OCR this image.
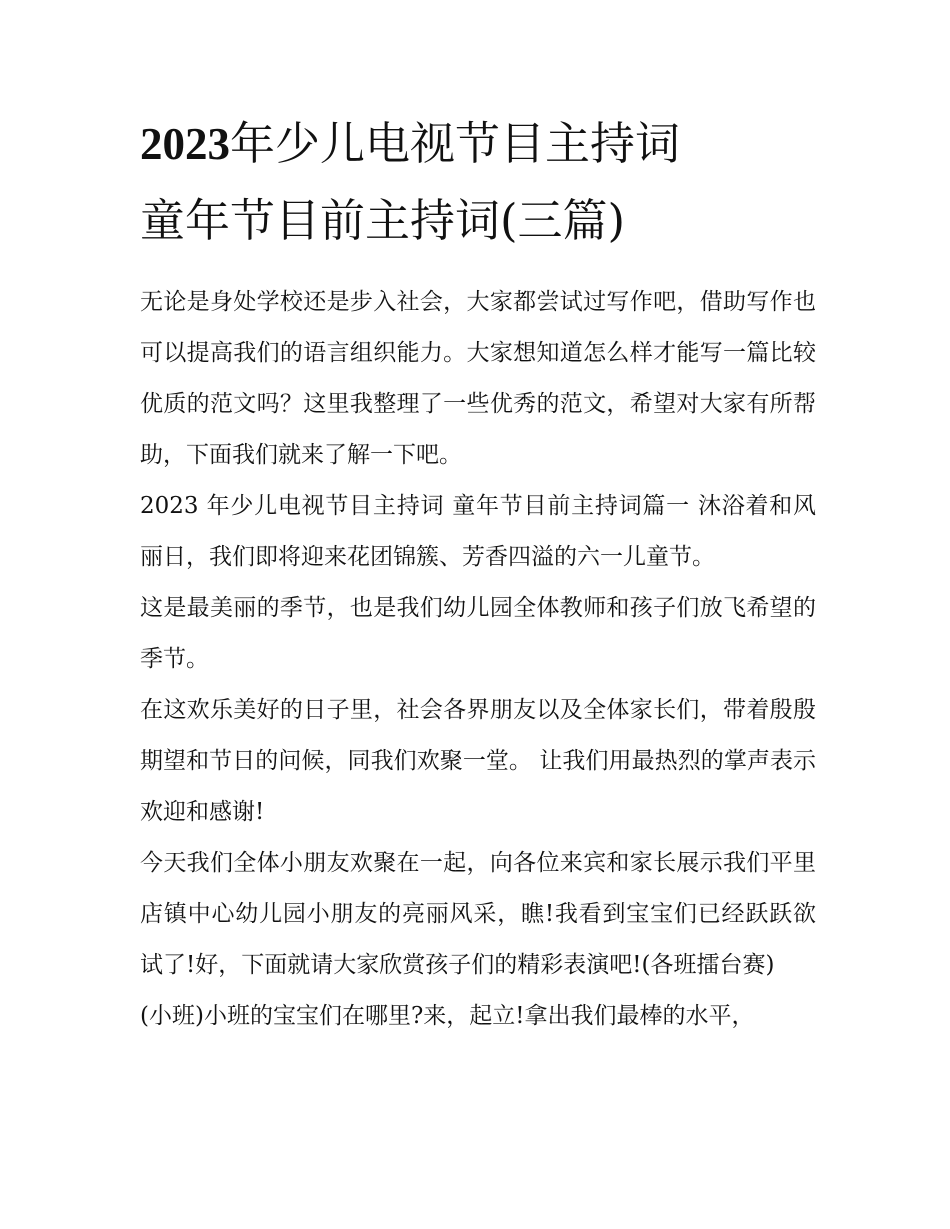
2023年少儿电视节目主持词
童年节目前主持词(三篇)

无论是身处学校还是步入社会，大家都尝试过写作吧，借助写作也可以提高我们的语言组织能力。大家想知道怎么样才能写一篇比较优质的范文吗？这里我整理了一些优秀的范文，希望对大家有所帮助，下面我们就来了解一下吧。

2023 年少儿电视节目主持词 童年节目前主持词篇一 沐浴着和风丽日，我们即将迎来花团锦簇、芳香四溢的六一儿童节。

这是最美丽的季节，也是我们幼儿园全体教师和孩子们放飞希望的季节。

在这欢乐美好的日子里，社会各界朋友以及全体家长们，带着殷殷期望和节日的问候，同我们欢聚一堂。 让我们用最热烈的掌声表示欢迎和感谢!

今天我们全体小朋友欢聚在一起，向各位来宾和家长展示我们平里店镇中心幼儿园小朋友的亮丽风采，瞧!我看到宝宝们已经跃跃欲试了!好，下面就请大家欣赏孩子们的精彩表演吧!(各班擂台赛)

(小班)小班的宝宝们在哪里?来，起立!拿出我们最棒的水平，
